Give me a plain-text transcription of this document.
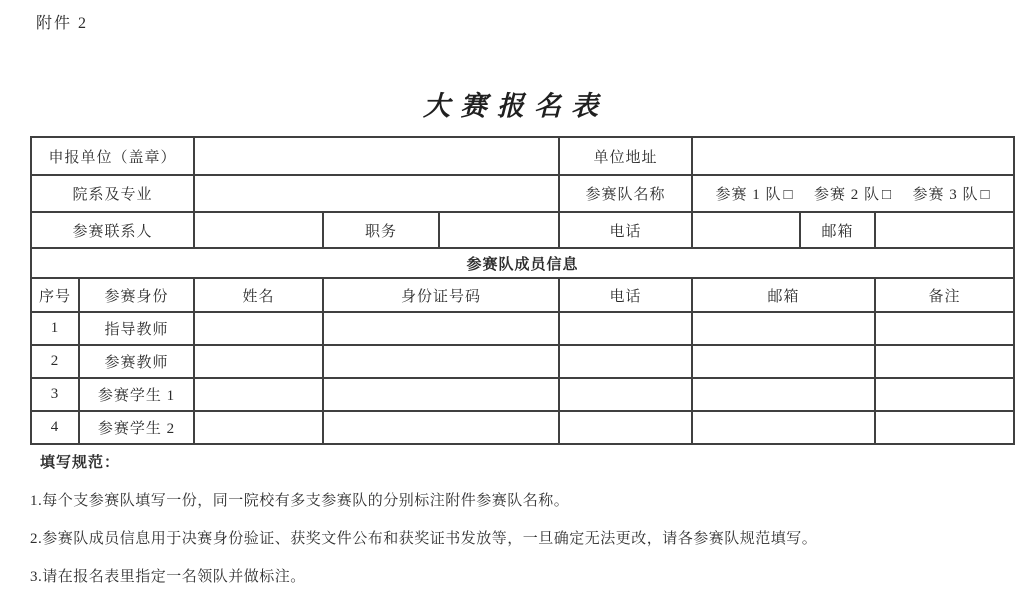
附件 2
大赛报名表
申报单位（盖章）					单位地址			
院系及专业					参赛队名称	参赛 1 队 □ 参赛 2 队 □ 参赛 3 队 □		

参赛联系人			职务		电话		邮箱	
参赛队成员信息								
序号	参赛身份	姓名	身份证号码		电话	邮箱		备注
1	指导教师							
2	参赛教师							
3	参赛学生 1							
4	参赛学生 2							

填写规范：

1.每个支参赛队填写一份，同一院校有多支参赛队的分别标注附件参赛队名称。

2.参赛队成员信息用于决赛身份验证、获奖文件公布和获奖证书发放等，一旦确定无法更改，请各参赛队规范填写。

3.请在报名表里指定一名领队并做标注。
